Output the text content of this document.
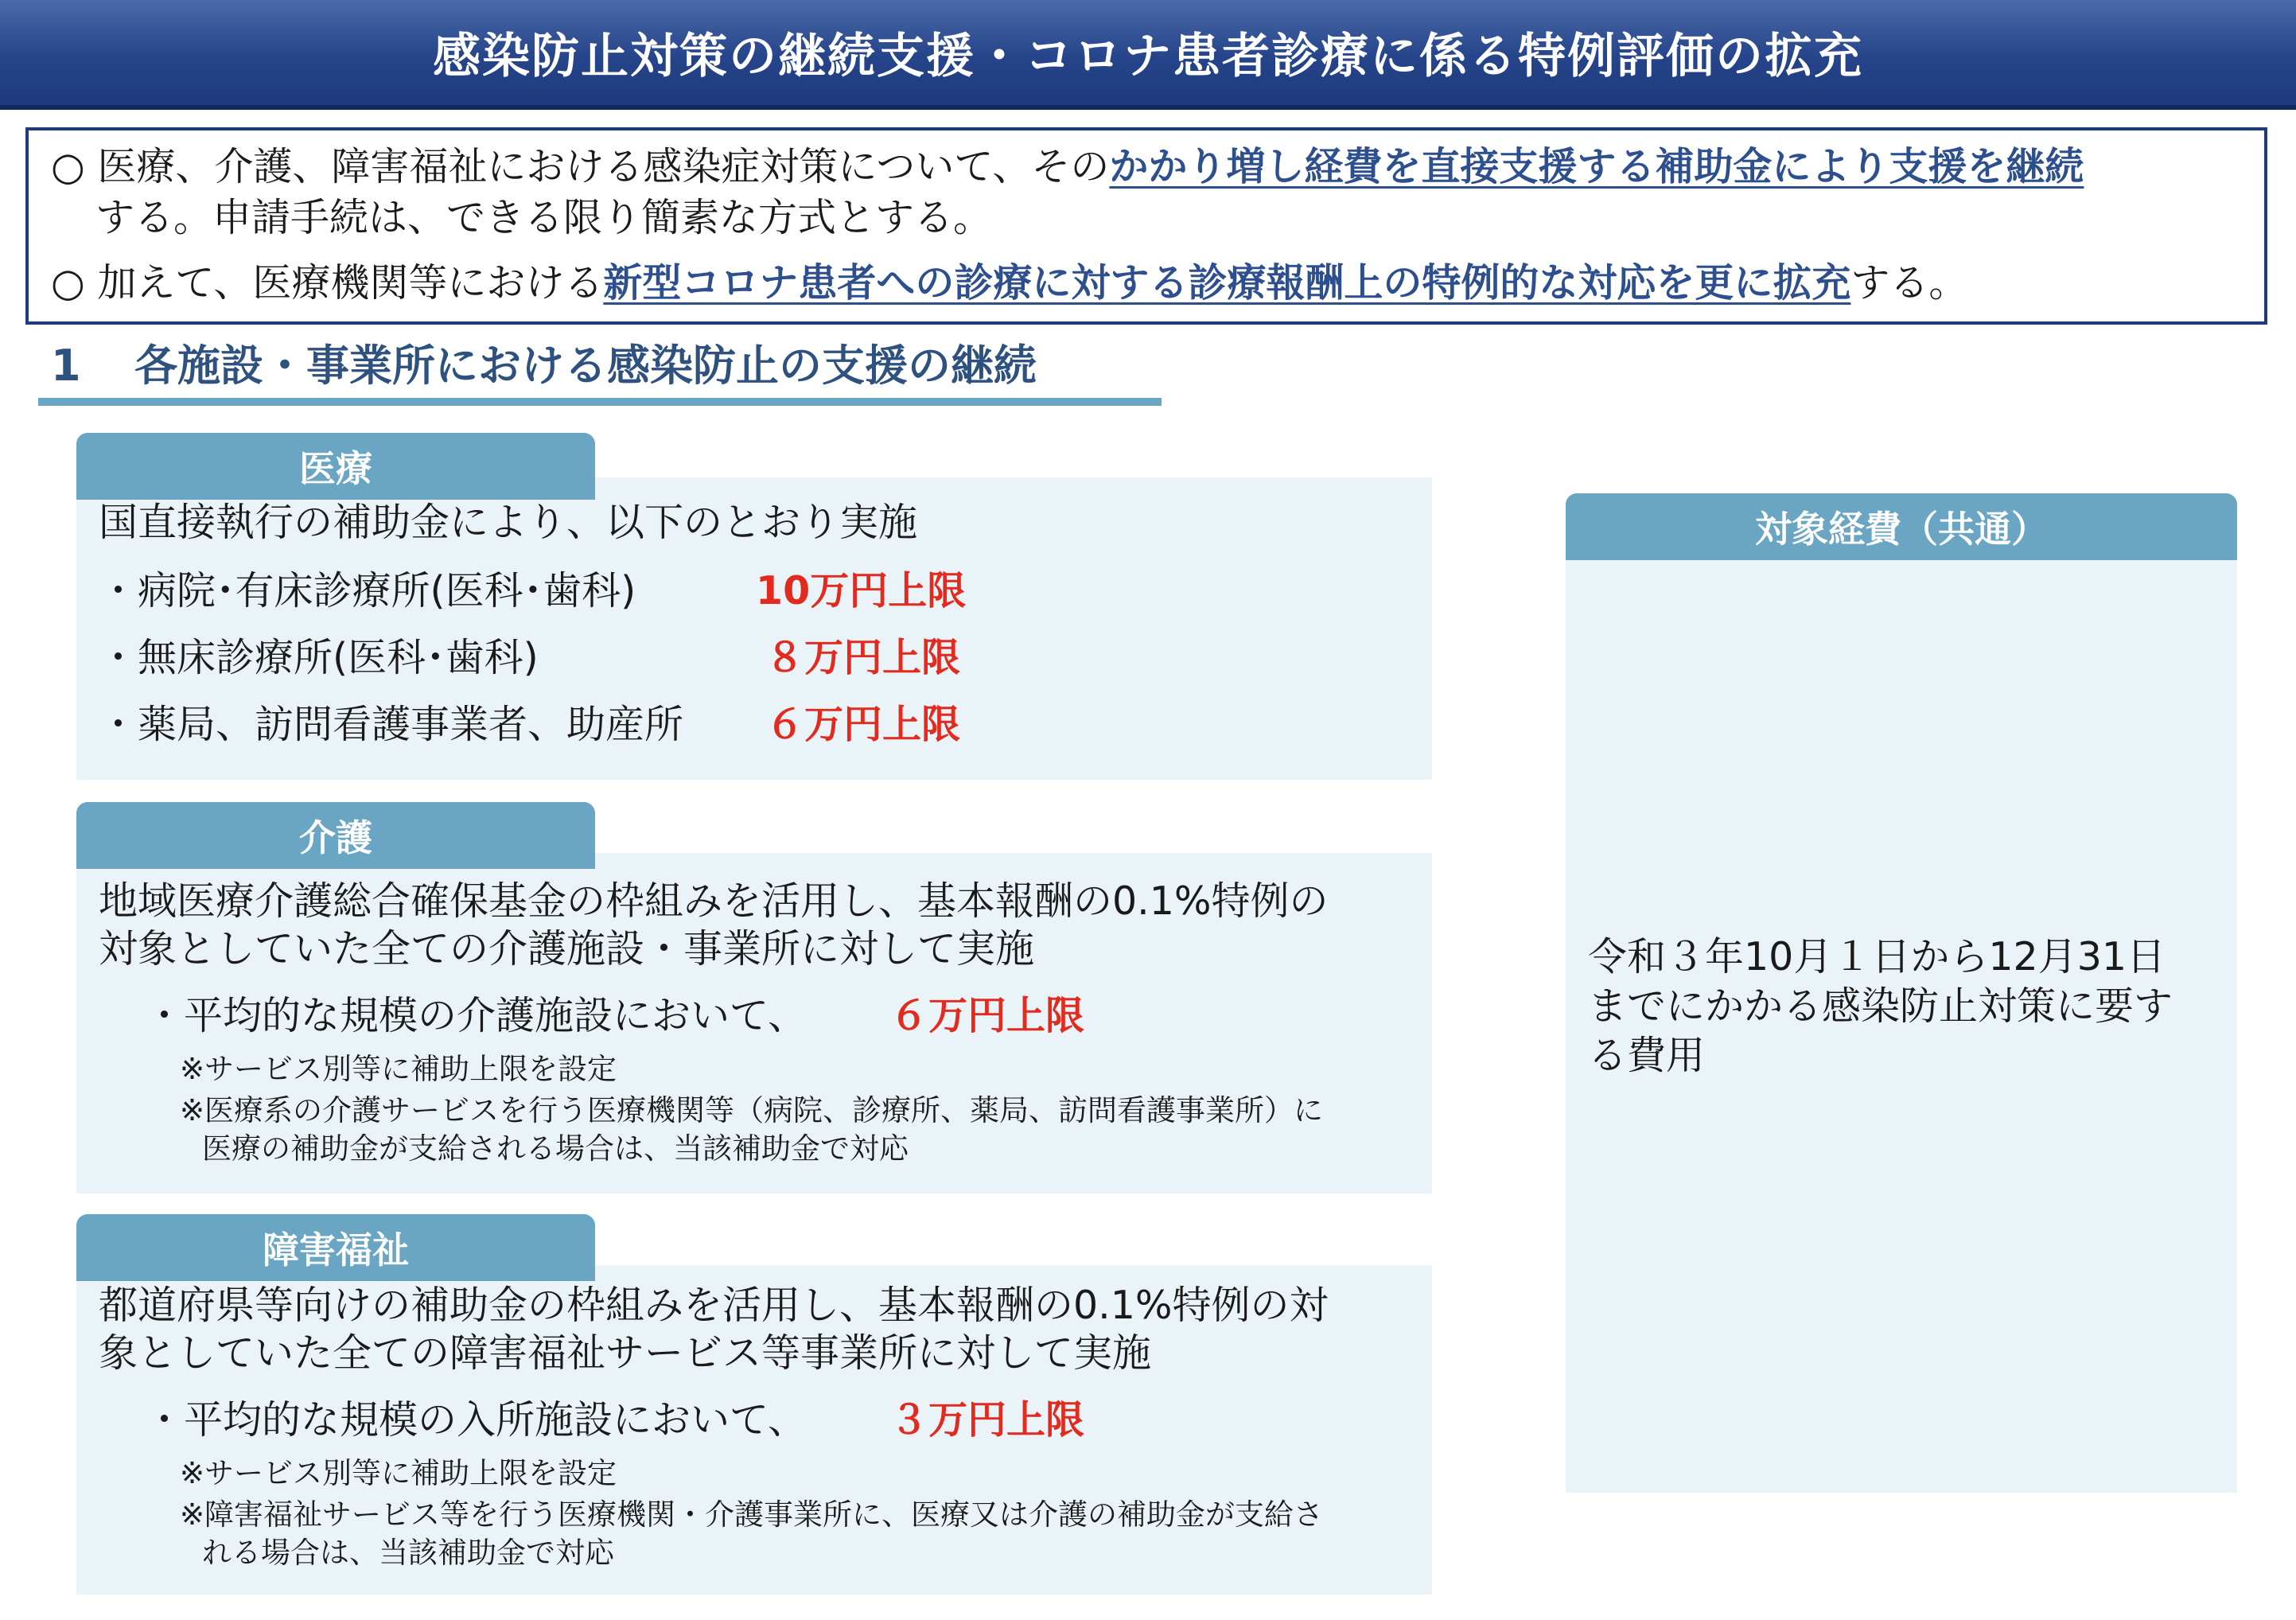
感染防止対策の継続支援・コロナ患者診療に係る特例評価の拡充
○ 医療、介護、障害福祉における感染症対策について、そのかかり増し経費を直接支援する補助金により支援を継続
する。申請手続は、できる限り簡素な方式とする。
○ 加えて、医療機関等における新型コロナ患者への診療に対する診療報酬上の特例的な対応を更に拡充する。
1 各施設・事業所における感染防止の支援の継続
医療
国直接執行の補助金により、以下のとおり実施
・病院･有床診療所(医科･歯科)	10万円上限
・無床診療所(医科･歯科)	８万円上限
・薬局、訪問看護事業者、助産所 ６万円上限
介護
地域医療介護総合確保基金の枠組みを活用し、基本報酬の0.1%特例の
対象としていた全ての介護施設・事業所に対して実施
・平均的な規模の介護施設において、 ６万円上限
※サービス別等に補助上限を設定
※医療系の介護サービスを行う医療機関等（病院、診療所、薬局、訪問看護事業所）に
医療の補助金が支給される場合は、当該補助金で対応
障害福祉
都道府県等向けの補助金の枠組みを活用し、基本報酬の0.1%特例の対
象としていた全ての障害福祉サービス等事業所に対して実施
・平均的な規模の入所施設において、 ３万円上限
※サービス別等に補助上限を設定
※障害福祉サービス等を行う医療機関・介護事業所に、医療又は介護の補助金が支給さ
れる場合は、当該補助金で対応
対象経費（共通）
令和３年10月１日から12月31日
までにかかる感染防止対策に要す
る費用
